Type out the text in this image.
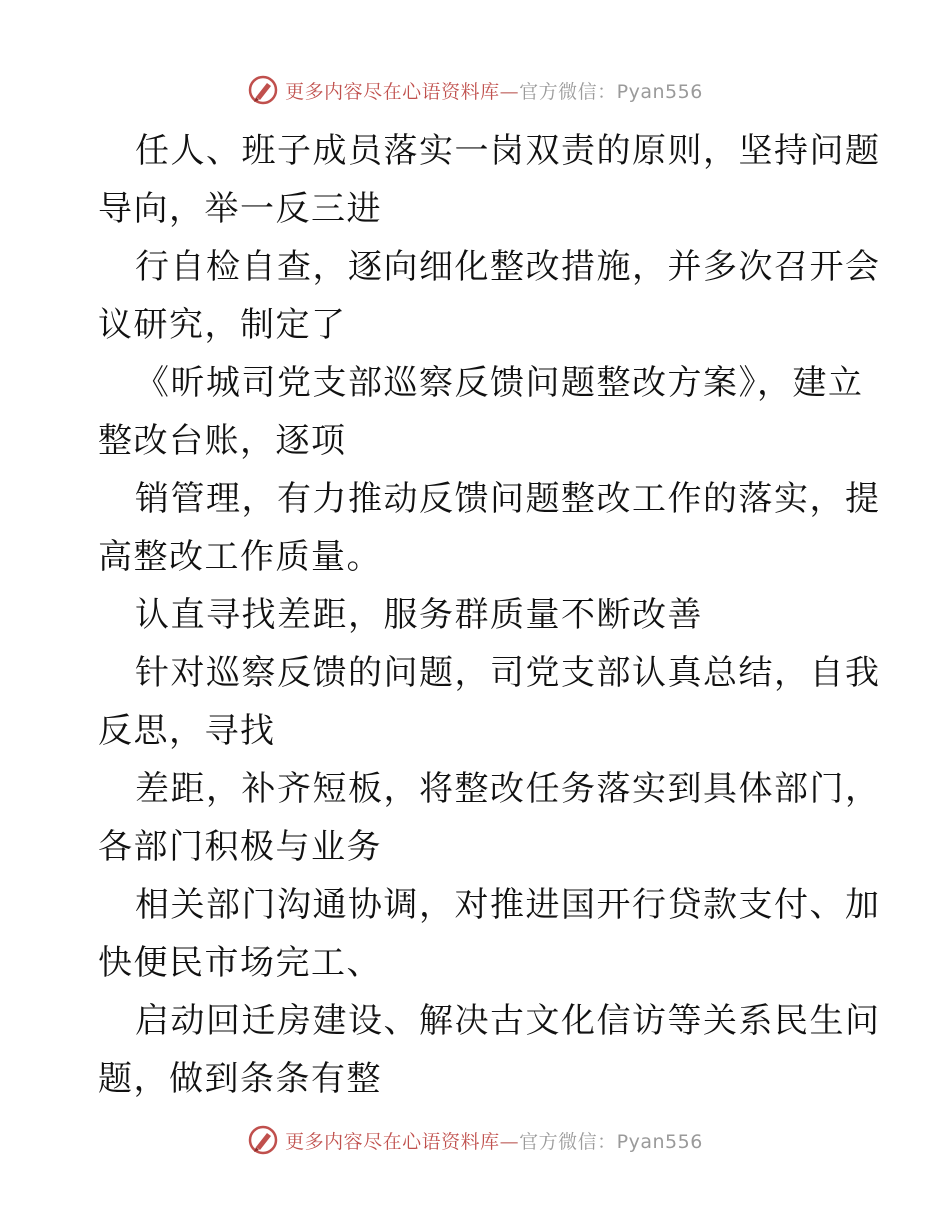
更多内容尽在心语资料库—官方微信：Pyan556
任人、班子成员落实一岗双责的原则，坚持问题
导向，举一反三进
行自检自查，逐向细化整改措施，并多次召开会
议研究，制定了
《昕城司党支部巡察反馈问题整改方案》，建立
整改台账，逐项
销管理，有力推动反馈问题整改工作的落实，提
高整改工作质量。
认直寻找差距，服务群质量不断改善
针对巡察反馈的问题，司党支部认真总结，自我
反思，寻找
差距，补齐短板，将整改任务落实到具体部门，
各部门积极与业务
相关部门沟通协调，对推进国开行贷款支付、加
快便民市场完工、
启动回迁房建设、解决古文化信访等关系民生问
题，做到条条有整
更多内容尽在心语资料库—官方微信：Pyan556
